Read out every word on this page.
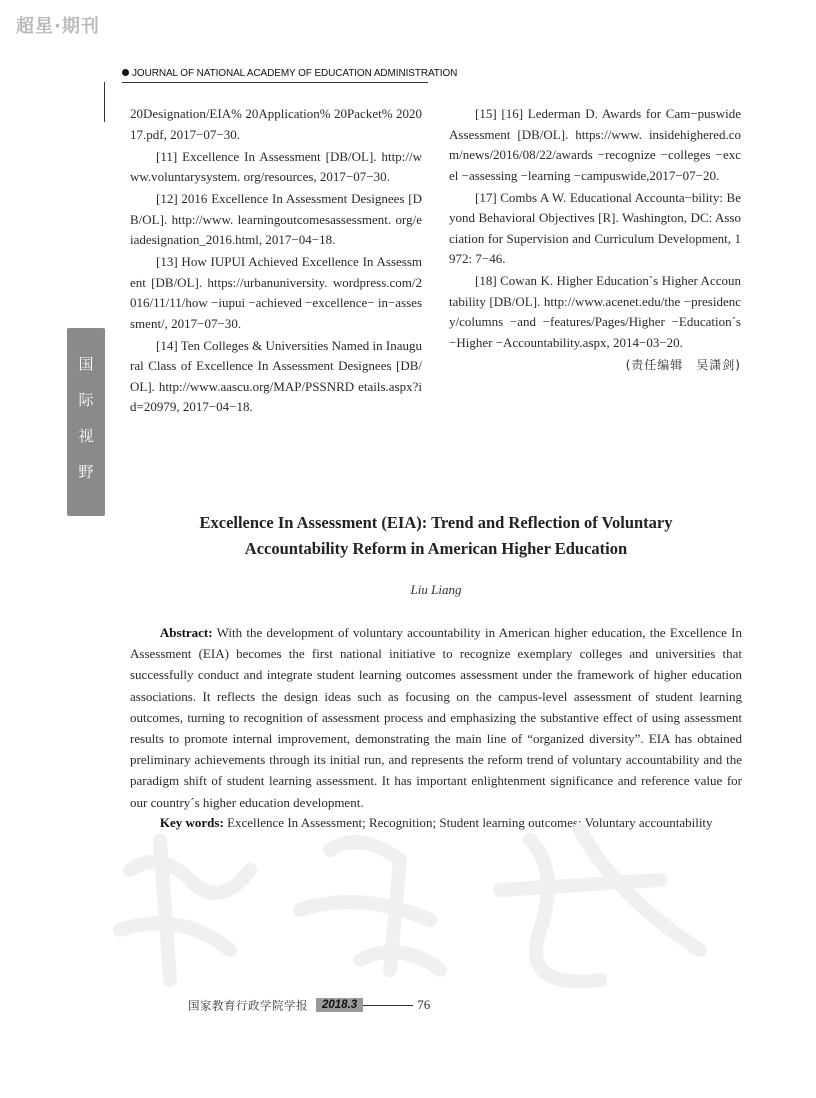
超星·期刊
JOURNAL OF NATIONAL ACADEMY OF EDUCATION ADMINISTRATION
国
际
视
野

20Designation/EIA% 20Application% 20Packet% 202017.pdf, 2017−07−30.

[11] Excellence In Assessment [DB/OL]. http://www.voluntarysystem. org/resources, 2017−07−30.

[12] 2016 Excellence In Assessment Designees [DB/OL]. http://www. learningoutcomesassessment. org/eiadesignation_2016.html, 2017−04−18.

[13] How IUPUI Achieved Excellence In Assessment [DB/OL]. https://urbanuniversity. wordpress.com/2016/11/11/how −iupui −achieved −excellence− in−assessment/, 2017−07−30.

[14] Ten Colleges & Universities Named in Inaugural Class of Excellence In Assessment Designees [DB/OL]. http://www.aascu.org/MAP/PSSNRD etails.aspx?id=20979, 2017−04−18.

[15] [16] Lederman D. Awards for Cam−puswide Assessment [DB/OL]. https://www. insidehighered.com/news/2016/08/22/awards −recognize −colleges −excel −assessing −learning −campuswide,2017−07−20.

[17] Combs A W. Educational Accounta−bility: Beyond Behavioral Objectives [R]. Washington, DC: Association for Supervision and Curriculum Development, 1972: 7−46.

[18] Cowan K. Higher Education`s Higher Accountability [DB/OL]. http://www.acenet.edu/the −presidency/columns −and −features/Pages/Higher −Education´s −Higher −Accountability.aspx, 2014−03−20.

(责任编辑　吴潇剑)
Excellence In Assessment (EIA): Trend and Reflection of Voluntary
Accountability Reform in American Higher Education
Liu Liang

Abstract: With the development of voluntary accountability in American higher education, the Excellence In Assessment (EIA) becomes the first national initiative to recognize exemplary colleges and universities that successfully conduct and integrate student learning outcomes assessment under the framework of higher education associations. It reflects the design ideas such as focusing on the campus-level assessment of student learning outcomes, turning to recognition of assessment process and emphasizing the substantive effect of using assessment results to promote internal improvement, demonstrating the main line of “organized diversity”. EIA has obtained preliminary achievements through its initial run, and represents the reform trend of voluntary accountability and the paradigm shift of student learning assessment. It has important enlightenment significance and reference value for our country´s higher education development.

Key words: Excellence In Assessment; Recognition; Student learning outcomes; Voluntary accountability

国家教育行政学院学报 2018.3	76
